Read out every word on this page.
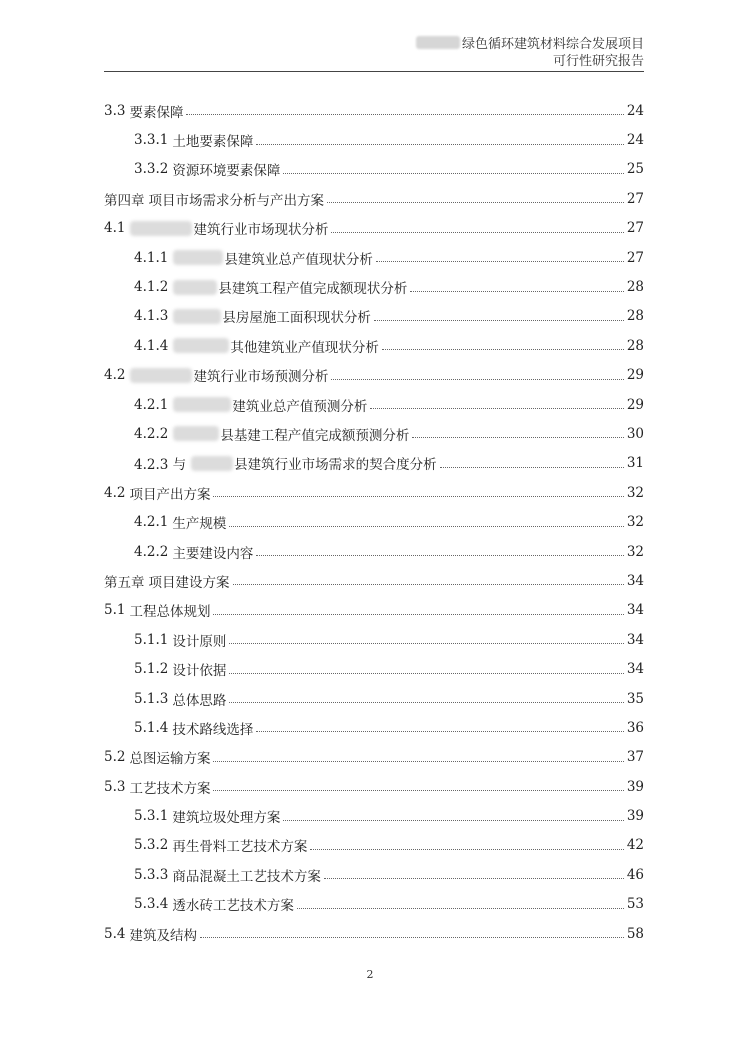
绿色循环建筑材料综合发展项目
可行性研究报告
3.3 要素保障	24
3.3.1 土地要素保障	24
3.3.2 资源环境要素保障	25
第四章 项目市场需求分析与产出方案	27
4.1	建筑行业市场现状分析	27
4.1.1	县建筑业总产值现状分析	27
4.1.2	县建筑工程产值完成额现状分析	28
4.1.3	县房屋施工面积现状分析	28
4.1.4	其他建筑业产值现状分析	28
4.2	建筑行业市场预测分析	29
4.2.1	建筑业总产值预测分析	29
4.2.2	县基建工程产值完成额预测分析	30
4.2.3 与	县建筑行业市场需求的契合度分析	31
4.2 项目产出方案	32
4.2.1 生产规模	32
4.2.2 主要建设内容	32
第五章 项目建设方案	34
5.1 工程总体规划	34
5.1.1 设计原则	34
5.1.2 设计依据	34
5.1.3 总体思路	35
5.1.4 技术路线选择	36
5.2 总图运输方案	37
5.3 工艺技术方案	39
5.3.1 建筑垃圾处理方案	39
5.3.2 再生骨料工艺技术方案	42
5.3.3 商品混凝土工艺技术方案	46
5.3.4 透水砖工艺技术方案	53
5.4 建筑及结构	58
2
